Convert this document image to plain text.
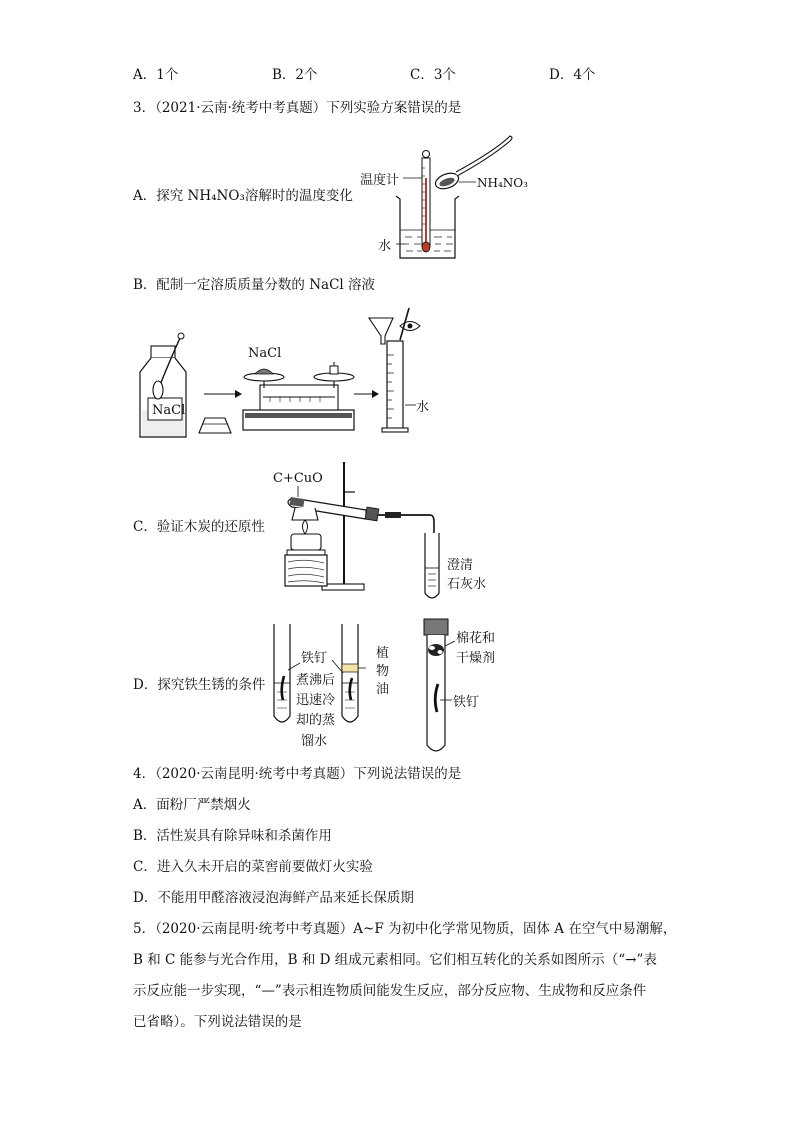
A．1个	B．2个	C．3个	D．4个
3．（2021·云南·统考中考真题）下列实验方案错误的是
A．探究 NH₄NO₃溶解时的温度变化
温度计
水
NH₄NO₃
B．配制一定溶质质量分数的 NaCl 溶液
NaCl
NaCl
水
C．验证木炭的还原性
C+CuO
澄清
石灰水
D．探究铁生锈的条件
铁钉
煮沸后
迅速冷
却的蒸
馏水
植
物
油
棉花和
干燥剂
铁钉
4．（2020·云南昆明·统考中考真题）下列说法错误的是
A．面粉厂严禁烟火
B．活性炭具有除异味和杀菌作用
C．进入久未开启的菜窖前要做灯火实验
D．不能用甲醛溶液浸泡海鲜产品来延长保质期
5．（2020·云南昆明·统考中考真题）A~F 为初中化学常见物质，固体 A 在空气中易潮解，
B 和 C 能参与光合作用，B 和 D 组成元素相同。它们相互转化的关系如图所示（“→”表
示反应能一步实现，“—”表示相连物质间能发生反应，部分反应物、生成物和反应条件
已省略）。下列说法错误的是
